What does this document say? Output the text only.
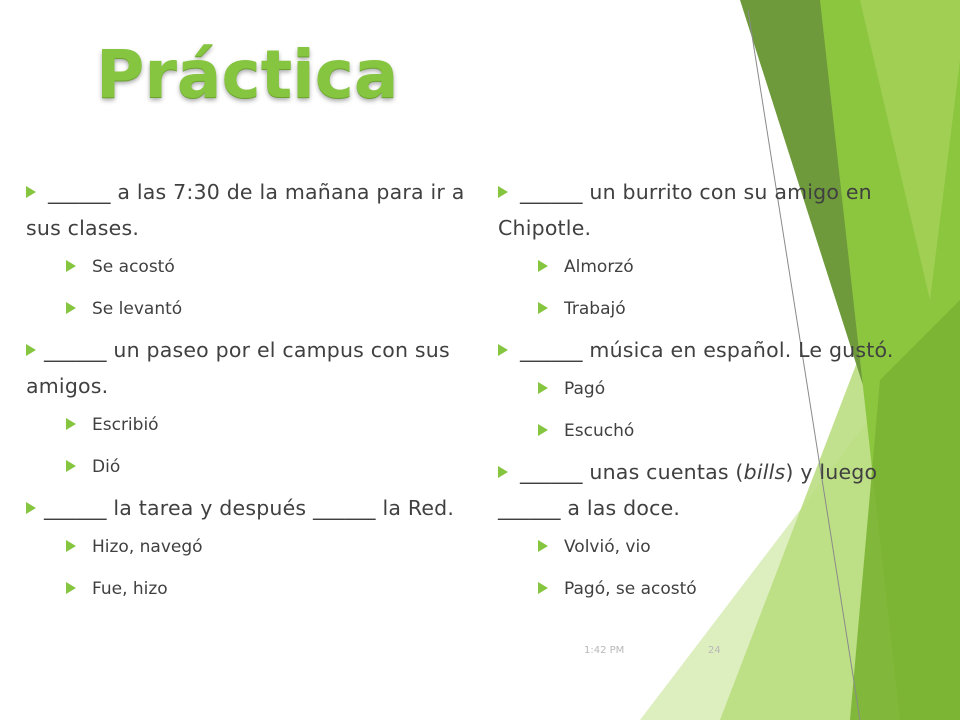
Práctica

______ a las 7:30 de la mañana para ir a sus clases.

Se acostó

Se levantó

______ un paseo por el campus con sus amigos.

Escribió

Dió

______ la tarea y después ______ la Red.

Hizo, navegó

Fue, hizo

______ un burrito con su amigo en Chipotle.

Almorzó

Trabajó

______ música en español. Le gustó.

Pagó

Escuchó

______ unas cuentas (bills) y luego ______ a las doce.

Volvió, vio

Pagó, se acostó

1:42 PM	24
